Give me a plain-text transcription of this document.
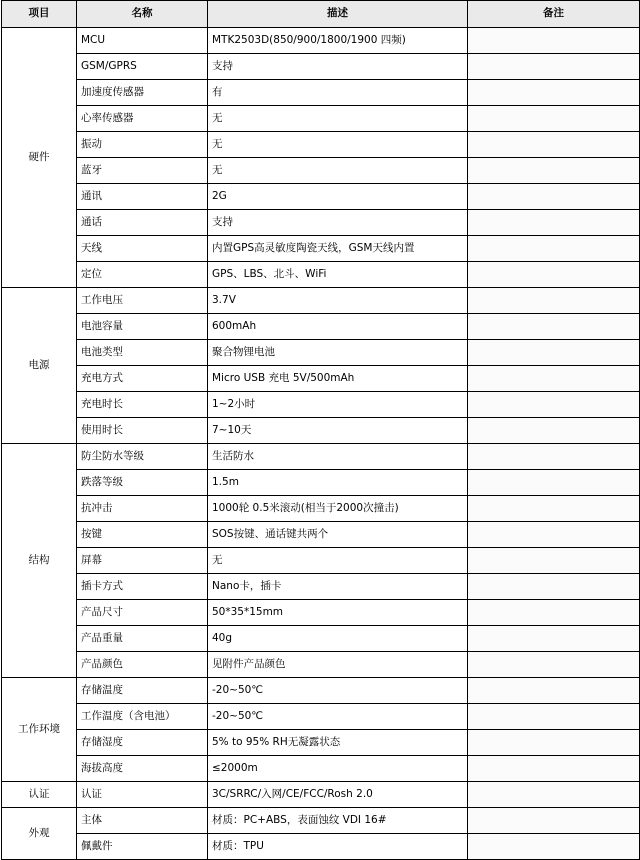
项目	名称	描述	备注
硬件	MCU	MTK2503D(850/900/1800/1900 四频)	
	GSM/GPRS	支持	
	加速度传感器	有	
	心率传感器	无	
	振动	无	
	蓝牙	无	
	通讯	2G	
	通话	支持	
	天线	内置GPS高灵敏度陶瓷天线，GSM天线内置	
	定位	GPS、LBS、北斗、WiFi	
电源	工作电压	3.7V	
	电池容量	600mAh	
	电池类型	聚合物锂电池	
	充电方式	Micro USB 充电 5V/500mAh	
	充电时长	1~2小时	
	使用时长	7~10天	
结构	防尘防水等级	生活防水	
	跌落等级	1.5m	
	抗冲击	1000轮 0.5米滚动(相当于2000次撞击)	
	按键	SOS按键、通话键共两个	
	屏幕	无	
	插卡方式	Nano卡，插卡	
	产品尺寸	50*35*15mm	
	产品重量	40g	
	产品颜色	见附件产品颜色	
工作环境	存储温度	-20~50℃	
	工作温度（含电池）	-20~50℃	
	存储湿度	5% to 95% RH无凝露状态	
	海拔高度	≤2000m	
认证	认证	3C/SRRC/入网/CE/FCC/Rosh 2.0	
外观	主体	材质：PC+ABS，表面蚀纹 VDI 16#	
	佩戴件	材质：TPU	
